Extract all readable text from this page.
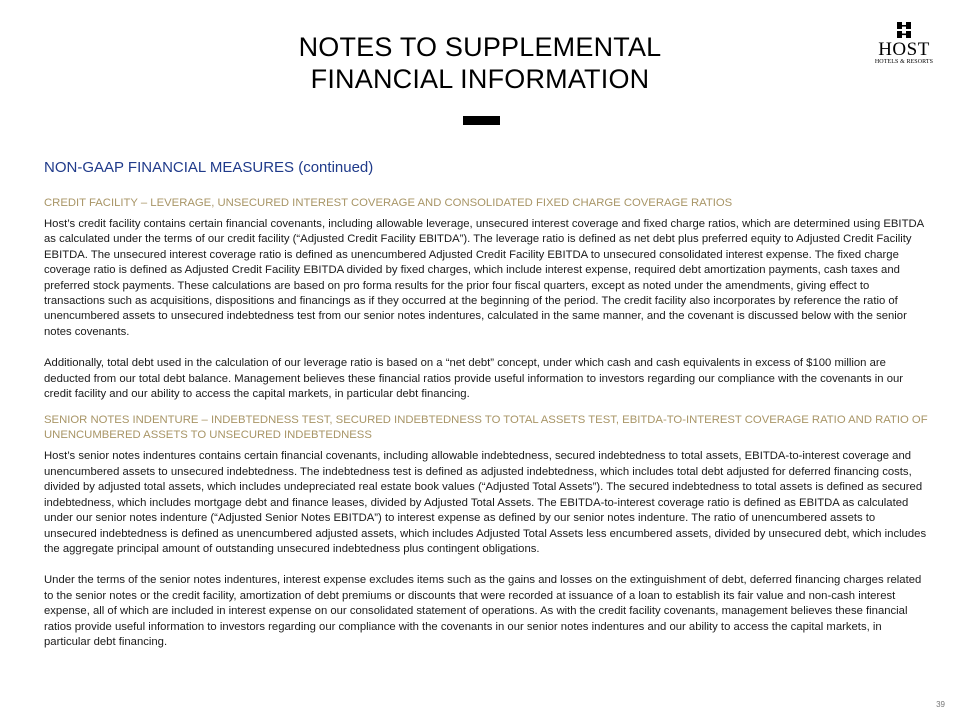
NOTES TO SUPPLEMENTAL
FINANCIAL INFORMATION
HOST
HOTELS & RESORTS
NON-GAAP FINANCIAL MEASURES (continued)
CREDIT FACILITY – LEVERAGE, UNSECURED INTEREST COVERAGE AND CONSOLIDATED FIXED CHARGE COVERAGE RATIOS

Host’s credit facility contains certain financial covenants, including allowable leverage, unsecured interest coverage and fixed charge ratios, which are determined using EBITDA as calculated under the terms of our credit facility (“Adjusted Credit Facility EBITDA”). The leverage ratio is defined as net debt plus preferred equity to Adjusted Credit Facility EBITDA. The unsecured interest coverage ratio is defined as unencumbered Adjusted Credit Facility EBITDA to unsecured consolidated interest expense. The fixed charge coverage ratio is defined as Adjusted Credit Facility EBITDA divided by fixed charges, which include interest expense, required debt amortization payments, cash taxes and preferred stock payments. These calculations are based on pro forma results for the prior four fiscal quarters, except as noted under the amendments, giving effect to transactions such as acquisitions, dispositions and financings as if they occurred at the beginning of the period. The credit facility also incorporates by reference the ratio of unencumbered assets to unsecured indebtedness test from our senior notes indentures, calculated in the same manner, and the covenant is discussed below with the senior notes covenants.

Additionally, total debt used in the calculation of our leverage ratio is based on a “net debt” concept, under which cash and cash equivalents in excess of $100 million are deducted from our total debt balance. Management believes these financial ratios provide useful information to investors regarding our compliance with the covenants in our credit facility and our ability to access the capital markets, in particular debt financing.

SENIOR NOTES INDENTURE – INDEBTEDNESS TEST, SECURED INDEBTEDNESS TO TOTAL ASSETS TEST, EBITDA-TO-INTEREST COVERAGE RATIO AND RATIO OF UNENCUMBERED ASSETS TO UNSECURED INDEBTEDNESS

Host’s senior notes indentures contains certain financial covenants, including allowable indebtedness, secured indebtedness to total assets, EBITDA-to-interest coverage and unencumbered assets to unsecured indebtedness. The indebtedness test is defined as adjusted indebtedness, which includes total debt adjusted for deferred financing costs, divided by adjusted total assets, which includes undepreciated real estate book values (“Adjusted Total Assets”). The secured indebtedness to total assets is defined as secured indebtedness, which includes mortgage debt and finance leases, divided by Adjusted Total Assets. The EBITDA-to-interest coverage ratio is defined as EBITDA as calculated under our senior notes indenture (“Adjusted Senior Notes EBITDA”) to interest expense as defined by our senior notes indenture. The ratio of unencumbered assets to unsecured indebtedness is defined as unencumbered adjusted assets, which includes Adjusted Total Assets less encumbered assets, divided by unsecured debt, which includes the aggregate principal amount of outstanding unsecured indebtedness plus contingent obligations.

Under the terms of the senior notes indentures, interest expense excludes items such as the gains and losses on the extinguishment of debt, deferred financing charges related to the senior notes or the credit facility, amortization of debt premiums or discounts that were recorded at issuance of a loan to establish its fair value and non-cash interest expense, all of which are included in interest expense on our consolidated statement of operations. As with the credit facility covenants, management believes these financial ratios provide useful information to investors regarding our compliance with the covenants in our senior notes indentures and our ability to access the capital markets, in particular debt financing.

39
